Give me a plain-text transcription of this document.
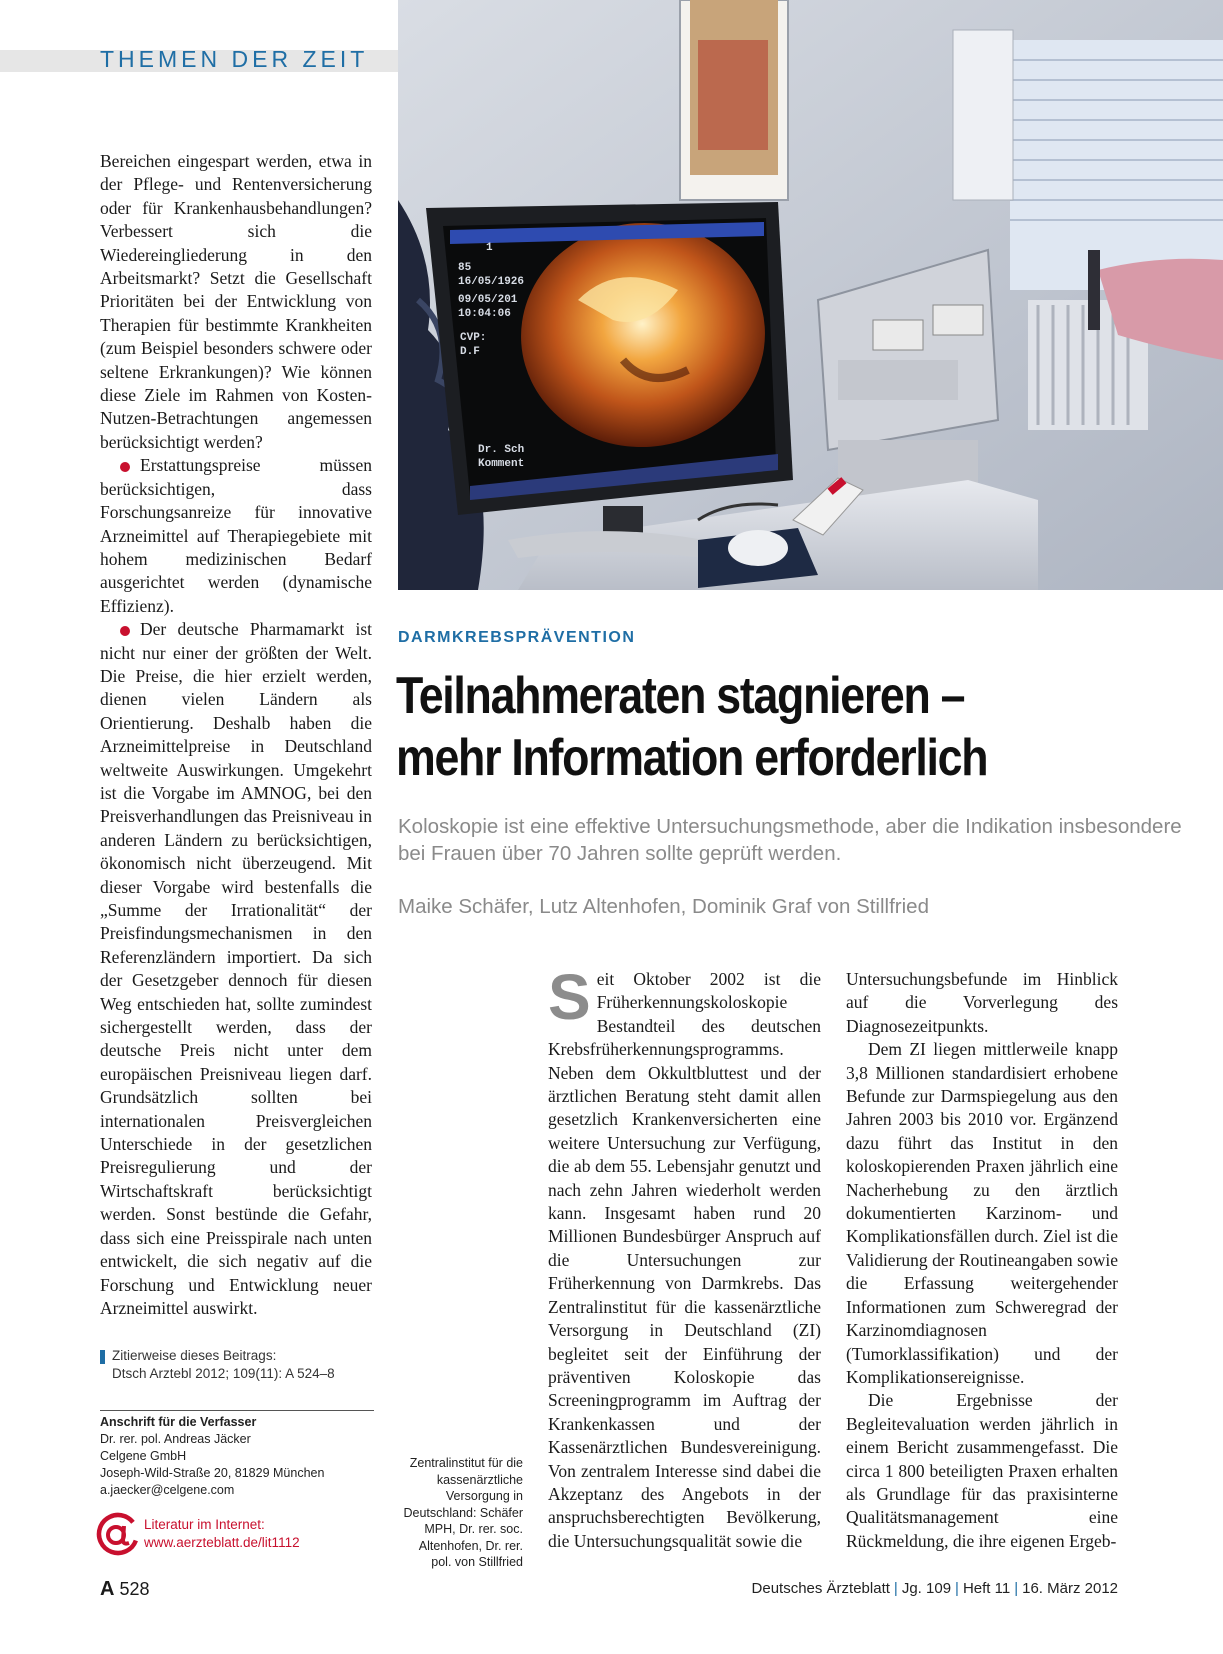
THEMEN DER ZEIT

Bereichen eingespart werden, etwa in der Pflege- und Rentenversicherung oder für Krankenhausbehandlungen? Verbessert sich die Wiedereingliederung in den Arbeitsmarkt? Setzt die Gesellschaft Prioritäten bei der Entwicklung von Therapien für bestimmte Krankheiten (zum Beispiel besonders schwere oder seltene Erkrankungen)? Wie können diese Ziele im Rahmen von Kosten-Nutzen-Betrachtungen angemessen berücksichtigt werden?

Erstattungspreise müssen berücksichtigen, dass Forschungsanreize für innovative Arzneimittel auf Therapiegebiete mit hohem medizinischen Bedarf ausgerichtet werden (dynamische Effizienz).

Der deutsche Pharmamarkt ist nicht nur einer der größten der Welt. Die Preise, die hier erzielt werden, dienen vielen Ländern als Orientierung. Deshalb haben die Arzneimittelpreise in Deutschland weltweite Auswirkungen. Umgekehrt ist die Vorgabe im AMNOG, bei den Preisverhandlungen das Preisniveau in anderen Ländern zu berücksichtigen, ökonomisch nicht überzeugend. Mit dieser Vorgabe wird bestenfalls die „Summe der Irrationalität“ der Preisfindungsmechanismen in den Referenzländern importiert. Da sich der Gesetzgeber dennoch für diesen Weg entschieden hat, sollte zumindest sichergestellt werden, dass der deutsche Preis nicht unter dem europäischen Preisniveau liegen darf. Grundsätzlich sollten bei internationalen Preisvergleichen Unterschiede in der gesetzlichen Preisregulierung und der Wirtschaftskraft berücksichtigt werden. Sonst bestünde die Gefahr, dass sich eine Preisspirale nach unten entwickelt, die sich negativ auf die Forschung und Entwicklung neuer Arzneimittel auswirkt.

Zitierweise dieses Beitrags:
Dtsch Arztebl 2012; 109(11): A 524–8
Anschrift für die Verfasser
Dr. rer. pol. Andreas Jäcker
Celgene GmbH
Joseph-Wild-Straße 20, 81829 München
a.jaecker@celgene.com
Literatur im Internet:
www.aerzteblatt.de/lit1112
1
85
16/05/1926
09/05/201
10:04:06
CVP:
D.F
Dr. Sch
Komment
DARMKREBSPRÄVENTION
Teilnahmeraten stagnieren –
mehr Information erforderlich
Koloskopie ist eine effektive Untersuchungsmethode, aber die Indikation insbesondere bei Frauen über 70 Jahren sollte geprüft werden.
Maike Schäfer, Lutz Altenhofen, Dominik Graf von Stillfried
Zentralinstitut für die kassenärztliche Versorgung in Deutschland: Schäfer MPH, Dr. rer. soc. Altenhofen, Dr. rer. pol. von Stillfried

Seit Oktober 2002 ist die Früherkennungskoloskopie Bestandteil des deutschen Krebsfrüherkennungsprogramms. Neben dem Okkultbluttest und der ärztlichen Beratung steht damit allen gesetzlich Krankenversicherten eine weitere Untersuchung zur Verfügung, die ab dem 55. Lebensjahr genutzt und nach zehn Jahren wiederholt werden kann. Insgesamt haben rund 20 Millionen Bundesbürger Anspruch auf die Untersuchungen zur Früherkennung von Darmkrebs. Das Zentralinstitut für die kassenärztliche Versorgung in Deutschland (ZI) begleitet seit der Einführung der präventiven Koloskopie das Screeningprogramm im Auftrag der Krankenkassen und der Kassenärztlichen Bundesvereinigung. Von zentralem Interesse sind dabei die Akzeptanz des Angebots in der anspruchsberechtigten Bevölkerung, die Untersuchungsqualität sowie die

Untersuchungsbefunde im Hinblick auf die Vorverlegung des Diagnosezeitpunkts.

Dem ZI liegen mittlerweile knapp 3,8 Millionen standardisiert erhobene Befunde zur Darmspiegelung aus den Jahren 2003 bis 2010 vor. Ergänzend dazu führt das Institut in den koloskopierenden Praxen jährlich eine Nacherhebung zu den ärztlich dokumentierten Karzinom- und Komplikationsfällen durch. Ziel ist die Validierung der Routineangaben sowie die Erfassung weitergehender Informationen zum Schweregrad der Karzinomdiagnosen (Tumorklassifikation) und der Komplikationsereignisse.

Die Ergebnisse der Begleitevaluation werden jährlich in einem Bericht zusammengefasst. Die circa 1 800 beteiligten Praxen erhalten als Grundlage für das praxisinterne Qualitätsmanagement eine Rückmeldung, die ihre eigenen Ergeb-

A 528	Deutsches Ärzteblatt | Jg. 109 | Heft 11 | 16. März 2012
